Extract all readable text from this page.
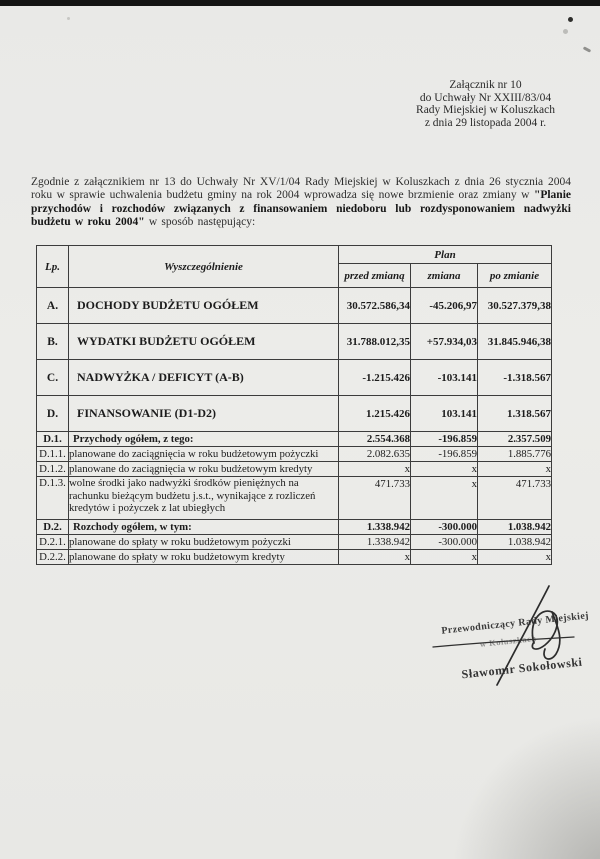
Załącznik nr 10
do Uchwały Nr XXIII/83/04
Rady Miejskiej w Koluszkach
z dnia 29 listopada 2004 r.

Zgodnie z załącznikiem nr 13 do Uchwały Nr XV/1/04 Rady Miejskiej w Koluszkach z dnia 26 stycznia 2004 roku w sprawie uchwalenia budżetu gminy na rok 2004 wprowadza się nowe brzmienie oraz zmiany w "Planie przychodów i rozchodów związanych z finansowaniem niedoboru lub rozdysponowaniem nadwyżki budżetu w roku 2004" w sposób następujący:

Lp.	Wyszczególnienie	Plan		
		przed zmianą	zmiana	po zmianie
A.	DOCHODY BUDŻETU OGÓŁEM	30.572.586,34	-45.206,97	30.527.379,38
B.	WYDATKI BUDŻETU OGÓŁEM	31.788.012,35	+57.934,03	31.845.946,38
C.	NADWYŻKA / DEFICYT (A-B)	-1.215.426	-103.141	-1.318.567
D.	FINANSOWANIE (D1-D2)	1.215.426	103.141	1.318.567
D.1.	Przychody ogółem, z tego:	2.554.368	-196.859	2.357.509
D.1.1.	planowane do zaciągnięcia w roku budżetowym pożyczki	2.082.635	-196.859	1.885.776
D.1.2.	planowane do zaciągnięcia w roku budżetowym kredyty	x	x	x
D.1.3.	wolne środki jako nadwyżki środków pieniężnych na rachunku bieżącym budżetu j.s.t., wynikające z rozliczeń kredytów i pożyczek z lat ubiegłych	471.733	x	471.733
D.2.	Rozchody ogółem, w tym:	1.338.942	-300.000	1.038.942
D.2.1.	planowane do spłaty w roku budżetowym pożyczki	1.338.942	-300.000	1.038.942
D.2.2.	planowane do spłaty w roku budżetowym kredyty	x	x	x
Przewodniczący Rady Miejskiej
w Koluszkach
Sławomir Sokołowski
